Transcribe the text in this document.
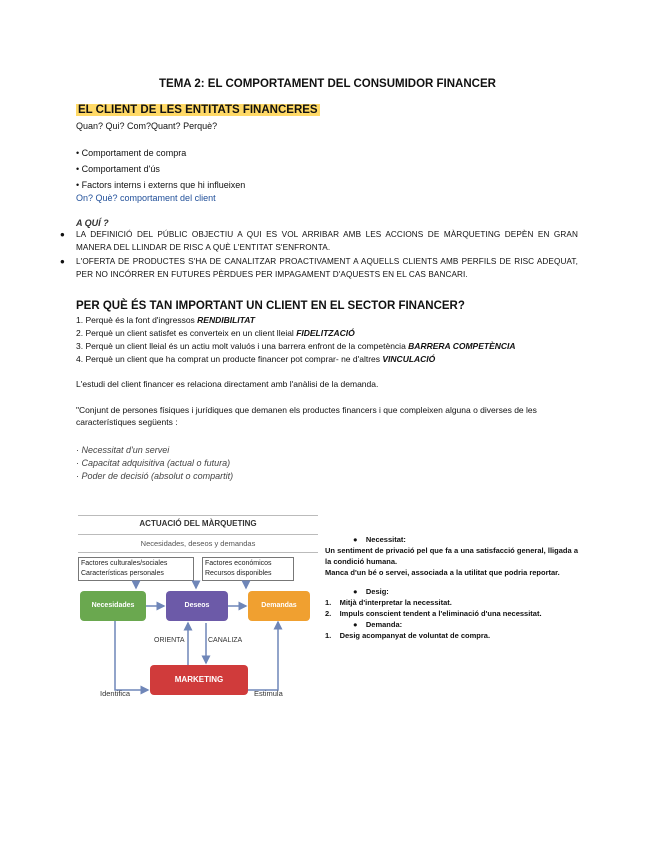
TEMA 2: EL COMPORTAMENT DEL CONSUMIDOR FINANCER
EL CLIENT DE LES ENTITATS FINANCERES
Quan? Qui? Com?Quant? Perquè?
• Comportament de compra
• Comportament d'ús
• Factors interns i externs que hi influeixen
On? Què? comportament del client
A QUÍ ?
● LA DEFINICIÓ DEL PÚBLIC OBJECTIU A QUI ES VOL ARRIBAR AMB LES ACCIONS DE MÀRQUETING DEPÈN EN GRAN MANERA DEL LLINDAR DE RISC A QUÈ L'ENTITAT S'ENFRONTA.
● L'OFERTA DE PRODUCTES S'HA DE CANALITZAR PROACTIVAMENT A AQUELLS CLIENTS AMB PERFILS DE RISC ADEQUAT, PER NO INCÓRRER EN FUTURES PÈRDUES PER IMPAGAMENT D'AQUESTS EN EL CAS BANCARI.
PER QUÈ ÉS TAN IMPORTANT UN CLIENT EN EL SECTOR FINANCER?
1. Perquè és la font d'ingressos RENDIBILITAT
2. Perquè un client satisfet es converteix en un client lleial FIDELITZACIÓ
3. Perquè un client lleial és un actiu molt valuós i una barrera enfront de la competència BARRERA COMPETÈNCIA
4. Perquè un client que ha comprat un producte financer pot comprar- ne d'altres VINCULACIÓ
L'estudi del client financer es relaciona directament amb l'anàlisi de la demanda.
"Conjunt de persones físiques i jurídiques que demanen els productes financers i que compleixen alguna o diverses de les característiques següents :
· Necessitat d'un servei
· Capacitat adquisitiva (actual o futura)
· Poder de decisió (absolut o compartit)
ACTUACIÓ DEL MÀRQUETING
Necesidades, deseos y demandas
Factores culturales/sociales
Características personales
Factores económicos
Recursos disponibles
Necesidades	Deseos	Demandas
ORIENTA	CANALIZA
MARKETING
Identifica	Estimula
● Necessitat:
Un sentiment de privació pel que fa a una satisfacció general, lligada a la condició humana.
Manca d'un bé o servei, associada a la utilitat que podria reportar.
● Desig:
1.    Mitjà d'interpretar la necessitat.
2.    Impuls conscient tendent a l'eliminació d'una necessitat.
● Demanda:
1.    Desig acompanyat de voluntat de compra.
